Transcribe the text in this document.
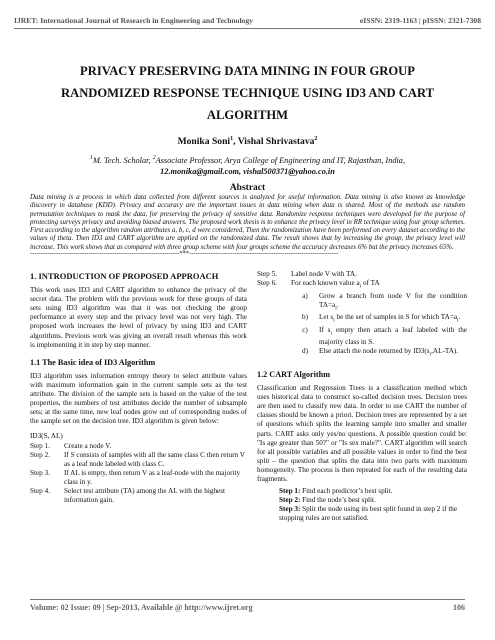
IJRET: International Journal of Research in Engineering and Technology	eISSN: 2319-1163 | pISSN: 2321-7308
PRIVACY PRESERVING DATA MINING IN FOUR GROUP
RANDOMIZED RESPONSE TECHNIQUE USING ID3 AND CART
ALGORITHM
Monika Soni$^1$, Vishal Shrivastava$^2$
$^1$M. Tech. Scholar, $^2$Associate Professor, Arya College of Engineering and IT, Rajasthan, India,
12.monika@gmail.com, vishal500371@yahoo.co.in
Abstract
Data mining is a process in which data collected from different sources is analyzed for useful information. Data mining is also known as knowledge discovery in database (KDD). Privacy and accuracy are the important issues in data mining when data is shared. Most of the methods use random permutation techniques to mask the data, for preserving the privacy of sensitive data. Randomize response techniques were developed for the purpose of protecting surveys privacy and avoiding biased answers. The proposed work thesis is to enhance the privacy level in RR technique using four group schemes. First according to the algorithm random attributes a, b, c, d were considered, Then the randomization have been performed on every dataset according to the values of theta. Then ID3 and CART algorithm are applied on the randomized data. The result shows that by increasing the group, the privacy level will increase. This work shows that as compared with three group scheme with four groups scheme the accuracy decreases 6% but the privacy increases 65%.
---------------------------------------------------------------------***---------------------------------------------------------------------
1. INTRODUCTION OF PROPOSED APPROACH

This work uses ID3 and CART algorithm to enhance the privacy of the secret data. The problem with the previous work for three groups of data sets using ID3 algorithm was that it was not checking the group performance at every step and the privacy level was not very high. The proposed work increases the level of privacy by using ID3 and CART algorithms. Previous work was giving an overall result whereas this work is implementing it in step by step manner.

1.1 The Basic idea of ID3 Algorithm

ID3 algorithm uses information entropy theory to select attribute values with maximum information gain in the current sample sets as the test attribute. The division of the sample sets is based on the value of the test properties, the numbers of test attributes decide the number of subsample sets; at the same time, new leaf nodes grow out of corresponding nodes of the sample set on the decision tree. ID3 algorithm is given below:

ID3(S, AL)
Step 1.	Create a node V.
Step 2.	If S consists of samples with all the same class C then return V as a leaf node labeled with class C.
Step 3.	If AL is empty, then return V as a leaf-node with the majority class in y.
Step 4.	Select test attribute (TA) among the AL with the highest information gain.
Step 5.	Label node V with TA.
Step 6.	For each known value $a_i$ of TA
a)	Grow a branch from node V for the condition $TA=a_i$.
b)	Let $s_i$ be the set of samples in S for which $TA=a_i$.
c)	If $s_i$ empty then attach a leaf labeled with the majority class in S.
d)	Else attach the node returned by $ID3(s_i,AL-TA)$.
1.2 CART Algorithm

Classification and Regression Trees is a classification method which uses historical data to construct so-called decision trees. Decision trees are then used to classify new data. In order to use CART the number of classes should be known a priori. Decision trees are represented by a set of questions which splits the learning sample into smaller and smaller parts. CART asks only yes/no questions. A possible question could be: "Is age greater than 50?" or "Is sex male?". CART algorithm will search for all possible variables and all possible values in order to find the best split – the question that splits the data into two parts with maximum homogeneity. The process is then repeated for each of the resulting data fragments.

Step 1: Find each predictor’s best split.
Step 2: Find the node’s best split.
Step 3: Split the node using its best split found in step 2 if the stopping rules are not satisfied.
Volume: 02 Issue: 09 | Sep-2013, Available @ http://www.ijret.org	106
